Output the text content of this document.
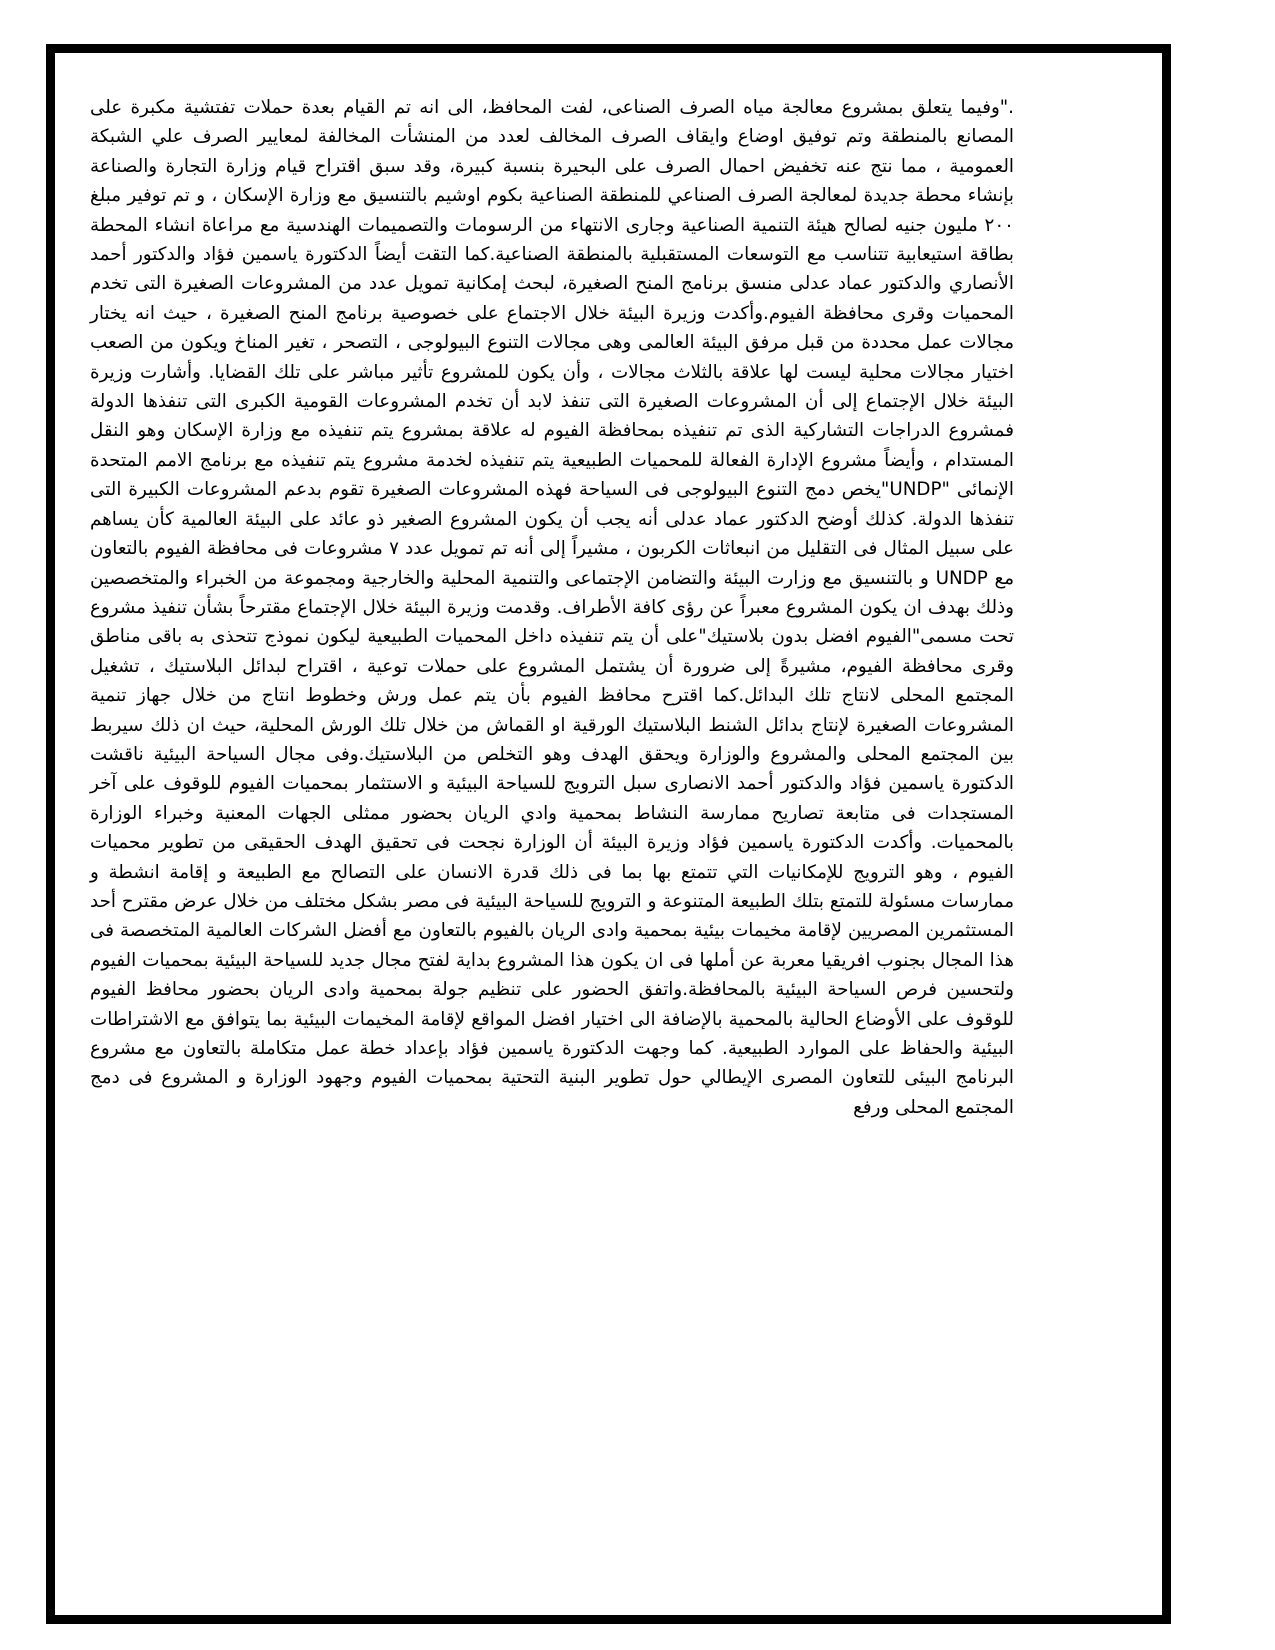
."وفيما يتعلق بمشروع معالجة مياه الصرف الصناعى، لفت المحافظ، الى انه تم القيام بعدة حملات تفتشية مكبرة على المصانع بالمنطقة وتم توفيق اوضاع وايقاف الصرف المخالف لعدد من المنشأت المخالفة لمعايير الصرف علي الشبكة العمومية ، مما نتج عنه تخفيض احمال الصرف على البحيرة بنسبة كبيرة، وقد سبق اقتراح قيام وزارة التجارة والصناعة بإنشاء محطة جديدة لمعالجة الصرف الصناعي للمنطقة الصناعية بكوم اوشيم بالتنسيق مع وزارة الإسكان ، و تم توفير مبلغ ٢٠٠ مليون جنيه لصالح هيئة التنمية الصناعية وجارى الانتهاء من الرسومات والتصميمات الهندسية مع مراعاة انشاء المحطة بطاقة استيعابية تتناسب مع التوسعات المستقبلية بالمنطقة الصناعية.كما التقت أيضاً الدكتورة ياسمين فؤاد والدكتور أحمد الأنصاري والدكتور عماد عدلى منسق برنامج المنح الصغيرة، لبحث إمكانية تمويل عدد من المشروعات الصغيرة التى تخدم المحميات وقرى محافظة الفيوم.وأكدت وزيرة البيئة خلال الاجتماع على خصوصية برنامج المنح الصغيرة ، حيث انه يختار مجالات عمل محددة من قبل مرفق البيئة العالمى وهى مجالات التنوع البيولوجى ، التصحر ، تغير المناخ ويكون من الصعب اختيار مجالات محلية ليست لها علاقة بالثلاث مجالات ، وأن يكون للمشروع تأثير مباشر على تلك القضايا. وأشارت وزيرة البيئة خلال الإجتماع إلى أن المشروعات الصغيرة التى تنفذ لابد أن تخدم المشروعات القومية الكبرى التى تنفذها الدولة فمشروع الدراجات التشاركية الذى تم تنفيذه بمحافظة الفيوم له علاقة بمشروع يتم تنفيذه مع وزارة الإسكان وهو النقل المستدام ، وأيضاً مشروع الإدارة الفعالة للمحميات الطبيعية يتم تنفيذه لخدمة مشروع يتم تنفيذه مع برنامج الامم المتحدة الإنمائى "UNDP"يخص دمج التنوع البيولوجى فى السياحة فهذه المشروعات الصغيرة تقوم بدعم المشروعات الكبيرة التى تنفذها الدولة. كذلك أوضح الدكتور عماد عدلى أنه يجب أن يكون المشروع الصغير ذو عائد على البيئة العالمية كأن يساهم على سبيل المثال فى التقليل من انبعاثات الكربون ، مشيراً إلى أنه تم تمويل عدد ٧ مشروعات فى محافظة الفيوم بالتعاون مع UNDP و بالتنسيق مع وزارت البيئة والتضامن الإجتماعى والتنمية المحلية والخارجية ومجموعة من الخبراء والمتخصصين وذلك بهدف ان يكون المشروع معبراً عن رؤى كافة الأطراف. وقدمت وزيرة البيئة خلال الإجتماع مقترحاً بشأن تنفيذ مشروع تحت مسمى"الفيوم افضل بدون بلاستيك"على أن يتم تنفيذه داخل المحميات الطبيعية ليكون نموذج تتحذى به باقى مناطق وقرى محافظة الفيوم، مشيرةً إلى ضرورة أن يشتمل المشروع على حملات توعية ، اقتراح لبدائل البلاستيك ، تشغيل المجتمع المحلى لانتاج تلك البدائل.كما اقترح محافظ الفيوم بأن يتم عمل ورش وخطوط انتاج من خلال جهاز تنمية المشروعات الصغيرة لإنتاج بدائل الشنط البلاستيك الورقية او القماش من خلال تلك الورش المحلية، حيث ان ذلك سيربط بين المجتمع المحلى والمشروع والوزارة ويحقق الهدف وهو التخلص من البلاستيك.وفى مجال السياحة البيئية ناقشت الدكتورة ياسمين فؤاد والدكتور أحمد الانصارى سبل الترويج للسياحة البيئية و الاستثمار بمحميات الفيوم للوقوف على آخر المستجدات فى متابعة تصاريح ممارسة النشاط بمحمية وادي الريان بحضور ممثلى الجهات المعنية وخبراء الوزارة بالمحميات. وأكدت الدكتورة ياسمين فؤاد وزيرة البيئة أن الوزارة نجحت فى تحقيق الهدف الحقيقى من تطوير محميات الفيوم ، وهو الترويج للإمكانيات التي تتمتع بها بما فى ذلك قدرة الانسان على التصالح مع الطبيعة و إقامة انشطة و ممارسات مسئولة للتمتع بتلك الطبيعة المتنوعة و الترويج للسياحة البيئية فى مصر بشكل مختلف من خلال عرض مقترح أحد المستثمرين المصريين لإقامة مخيمات بيئية بمحمية وادى الريان بالفيوم بالتعاون مع أفضل الشركات العالمية المتخصصة فى هذا المجال بجنوب افريقيا معربة عن أملها فى ان يكون هذا المشروع بداية لفتح مجال جديد للسياحة البيئية بمحميات الفيوم ولتحسين فرص السياحة البيئية بالمحافظة.واتفق الحضور على تنظيم جولة بمحمية وادى الريان بحضور محافظ الفيوم للوقوف على الأوضاع الحالية بالمحمية بالإضافة الى اختيار افضل المواقع لإقامة المخيمات البيئية بما يتوافق مع الاشتراطات البيئية والحفاظ على الموارد الطبيعية. كما وجهت الدكتورة ياسمين فؤاد بإعداد خطة عمل متكاملة بالتعاون مع مشروع البرنامج البيئى للتعاون المصرى الإيطالي حول تطوير البنية التحتية بمحميات الفيوم وجهود الوزارة و المشروع فى دمج المجتمع المحلى ورفع
